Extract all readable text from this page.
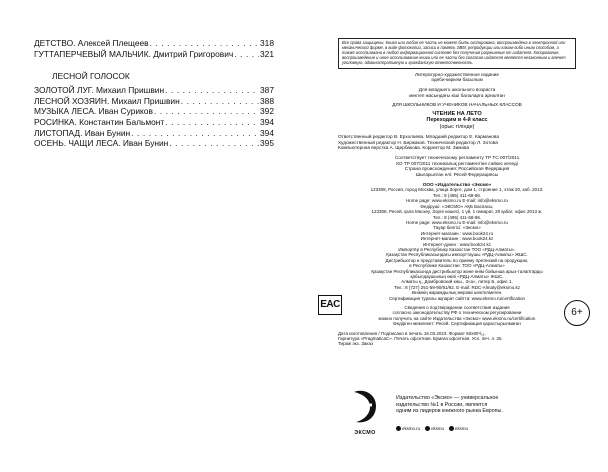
ДЕТСТВО. Алексей Плещеев . . .	318
ГУТТАПЕРЧЕВЫЙ МАЛЬЧИК. Дмитрий Григорович . . .	321
ЛЕСНОЙ ГОЛОСОК
ЗОЛОТОЙ ЛУГ. Михаил Пришвин . . .	387
ЛЕСНОЙ ХОЗЯИН. Михаил Пришвин . . .	388
МУЗЫКА ЛЕСА. Иван Суриков . . .	392
РОСИНКА. Константин Бальмонт . . .	394
ЛИСТОПАД. Иван Бунин . . .	394
ОСЕНЬ. ЧАЩИ ЛЕСА. Иван Бунин . . .	395
Все права защищены. Книга или любая ее часть не может быть скопирована, воспроизведена в электронной или механической форме, в виде фотокопии, записи в память ЭВМ, репродукции или каким-либо иным способом, а также использована в любой информационной системе без получения разрешения от издателя. Копирование, воспроизведение и иное использование книги или ее части без согласия издателя является незаконным и влечет уголовную, административную и гражданскую ответственность.
Литературно-художественное издание
әдеби-көркем басылым
Для младшего школьного возраста
мектеп жасындағы кіші балаларға арналған
ДЛЯ ШКОЛЬНИКОВ И УЧЕНИКОВ НАЧАЛЬНЫХ КЛАССОВ
ЧТЕНИЕ НА ЛЕТО
Переходим в 4-й класс
(орыс тілінде)
Ответственный редактор В. Ерхолаева. Младший редактор Е. Карманова
Художественный редактор Н. Биржаков. Технический редактор Л. Зотова
Компьютерная верстка А. Щербакова. Корректор М. Зимова
Соответствует техническому регламенту ТР ТС 007/2011
КО ТР 007/2011 техникалық регламентіне сәйкес келеді
Страна происхождения: Российская Федерация
Шығарылған елі: Ресей Федерациясы
ООО «Издательство «Эксмо»
123308, Россия, город Москва, улица Зорге, дом 1, строение 1, этаж 20, каб. 2013.
Тел.: 8 (495) 411-68-86.
Home page: www.eksmo.ru E-mail: info@eksmo.ru
Өндіруші: «ЭКСМО» АҚБ Баспасы,
123308, Ресей, қала Мәскеу, Зорге көшесі, 1 үй, 1 ғимарат, 20 қабат, офис 2013 ж.
Тел.: 8 (495) 411-68-86.
Home page: www.eksmo.ru E-mail: info@eksmo.ru
Тауар белгісі: «Эксмо»
Интернет-магазин : www.book24.ru
Интернет-магазин : www.book24.kz
Интернет-дүкен : www.book24.kz
Импортёр в Республику Казахстан ТОО «РДЦ-Алматы».
Қазақстан Республикасындағы импорттаушы «РДЦ-Алматы» ЖШС.
Дистрибьютор и представитель по приему претензий на продукцию,
в Республике Казахстан: ТОО «РДЦ-Алматы»
Қазақстан Республикасында дистрибьютор және өнім бойынша арыз-талаптарды
қабылдаушының өкілі «РДЦ-Алматы» ЖШС,
Алматы қ., Домбровский көш., 3«а», литер Б, офис 1.
Тел.: 8 (727) 251-59-90/91/92. E-mail: RDC-Almaty@eksmo.kz
Өнімнің жарамдылық мерзімі шектелмеген.
Сертификация туралы ақпарат сайтта: www.eksmo.ru/certification
Сведения о подтверждении соответствия издания
согласно законодательству РФ о техническом регулировании
можно получить на сайте Издательства «Эксмо» www.eksmo.ru/certification
Өндірген мемлекет: Ресей. Сертификация қарастырылмаған
Дата изготовления / Подписано в печать 16.03.2023. Формат 60x90¹/₁₆.
Гарнитура «PragmaticaC». Печать офсетная. Бумага офсетная. Усл. печ. л. 25.
Тираж экз. Заказ
EAC
6+
ЭКСМО
Издательство «Эксмо» — универсальное
издательство №1 в России, является
одним из лидеров книжного рынка Европы.
eksmo.ru	eksmo	eksmo
